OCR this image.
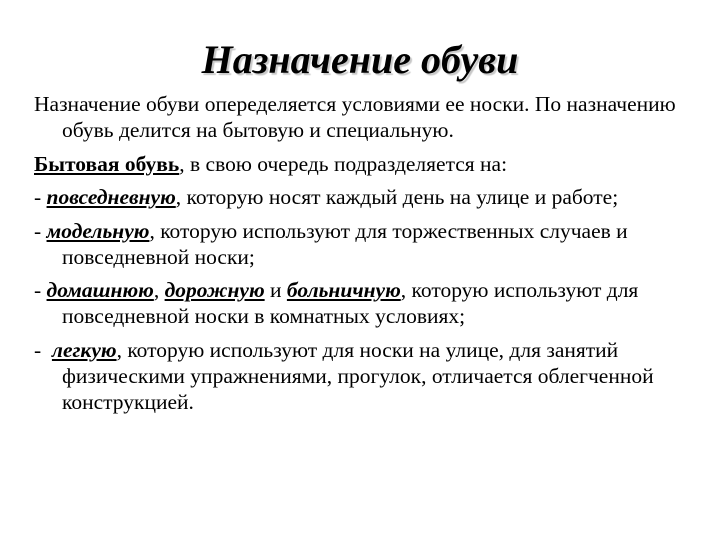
Назначение обуви

Назначение обуви опеределяется условиями ее носки. По назначению обувь делится на бытовую и специальную.

Бытовая обувь, в свою очередь подразделяется на:

- повседневную, которую носят каждый день на улице и работе;

- модельную, которую используют для торжественных случаев и повседневной носки;

- домашнюю, дорожную и больничную, которую используют для повседневной носки в комнатных условиях;

-  легкую, которую используют для носки на улице, для занятий физическими упражнениями, прогулок, отличается облегченной конструкцией.
